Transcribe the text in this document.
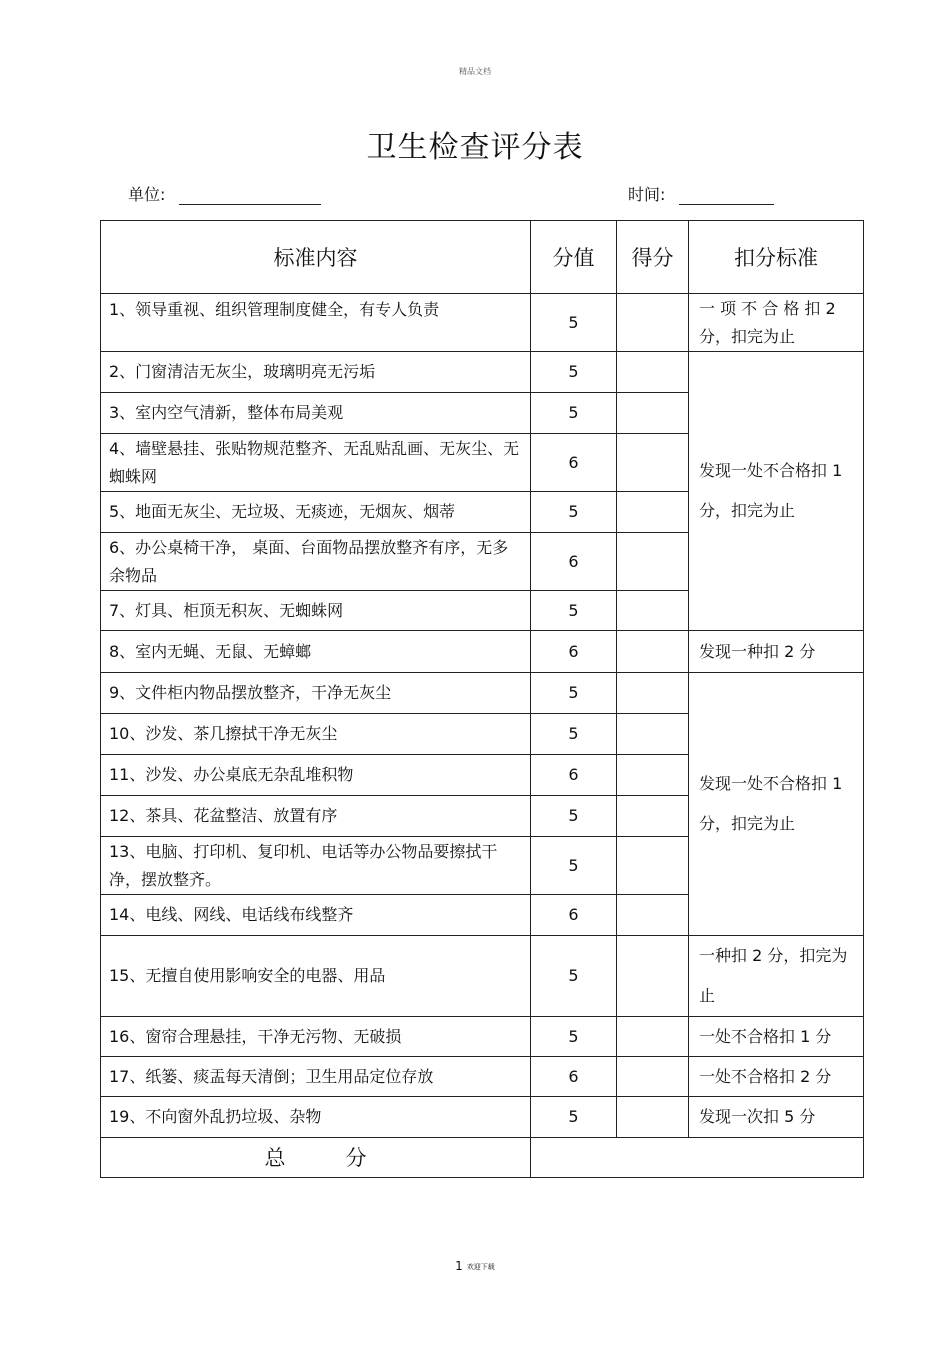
精品文档
卫生检查评分表
单位:	时间:
标准内容	分值	得分	扣分标准
1、领导重视、组织管理制度健全，有专人负责	5		一 项 不 合 格 扣 2 分，扣完为止
2、门窗清洁无灰尘，玻璃明亮无污垢	5		发现一处不合格扣 1 分，扣完为止
3、室内空气清新，整体布局美观	5		
4、墙壁悬挂、张贴物规范整齐、无乱贴乱画、无灰尘、无蜘蛛网	6		
5、地面无灰尘、无垃圾、无痰迹，无烟灰、烟蒂	5		
6、办公桌椅干净， 桌面、台面物品摆放整齐有序，无多余物品	6		
7、灯具、柜顶无积灰、无蜘蛛网	5		
8、室内无蝇、无鼠、无蟑螂	6		发现一种扣 2 分
9、文件柜内物品摆放整齐，干净无灰尘	5		发现一处不合格扣 1 分，扣完为止
10、沙发、茶几擦拭干净无灰尘	5		
11、沙发、办公桌底无杂乱堆积物	6		
12、茶具、花盆整洁、放置有序	5		
13、电脑、打印机、复印机、电话等办公物品要擦拭干净，摆放整齐。	5		
14、电线、网线、电话线布线整齐	6		
15、无擅自使用影响安全的电器、用品	5		一种扣 2 分，扣完为止
16、窗帘合理悬挂，干净无污物、无破损	5		一处不合格扣 1 分
17、纸篓、痰盂每天清倒；卫生用品定位存放	6		一处不合格扣 2 分
19、不向窗外乱扔垃圾、杂物	5		发现一次扣 5 分
总分			
1 欢迎下载
